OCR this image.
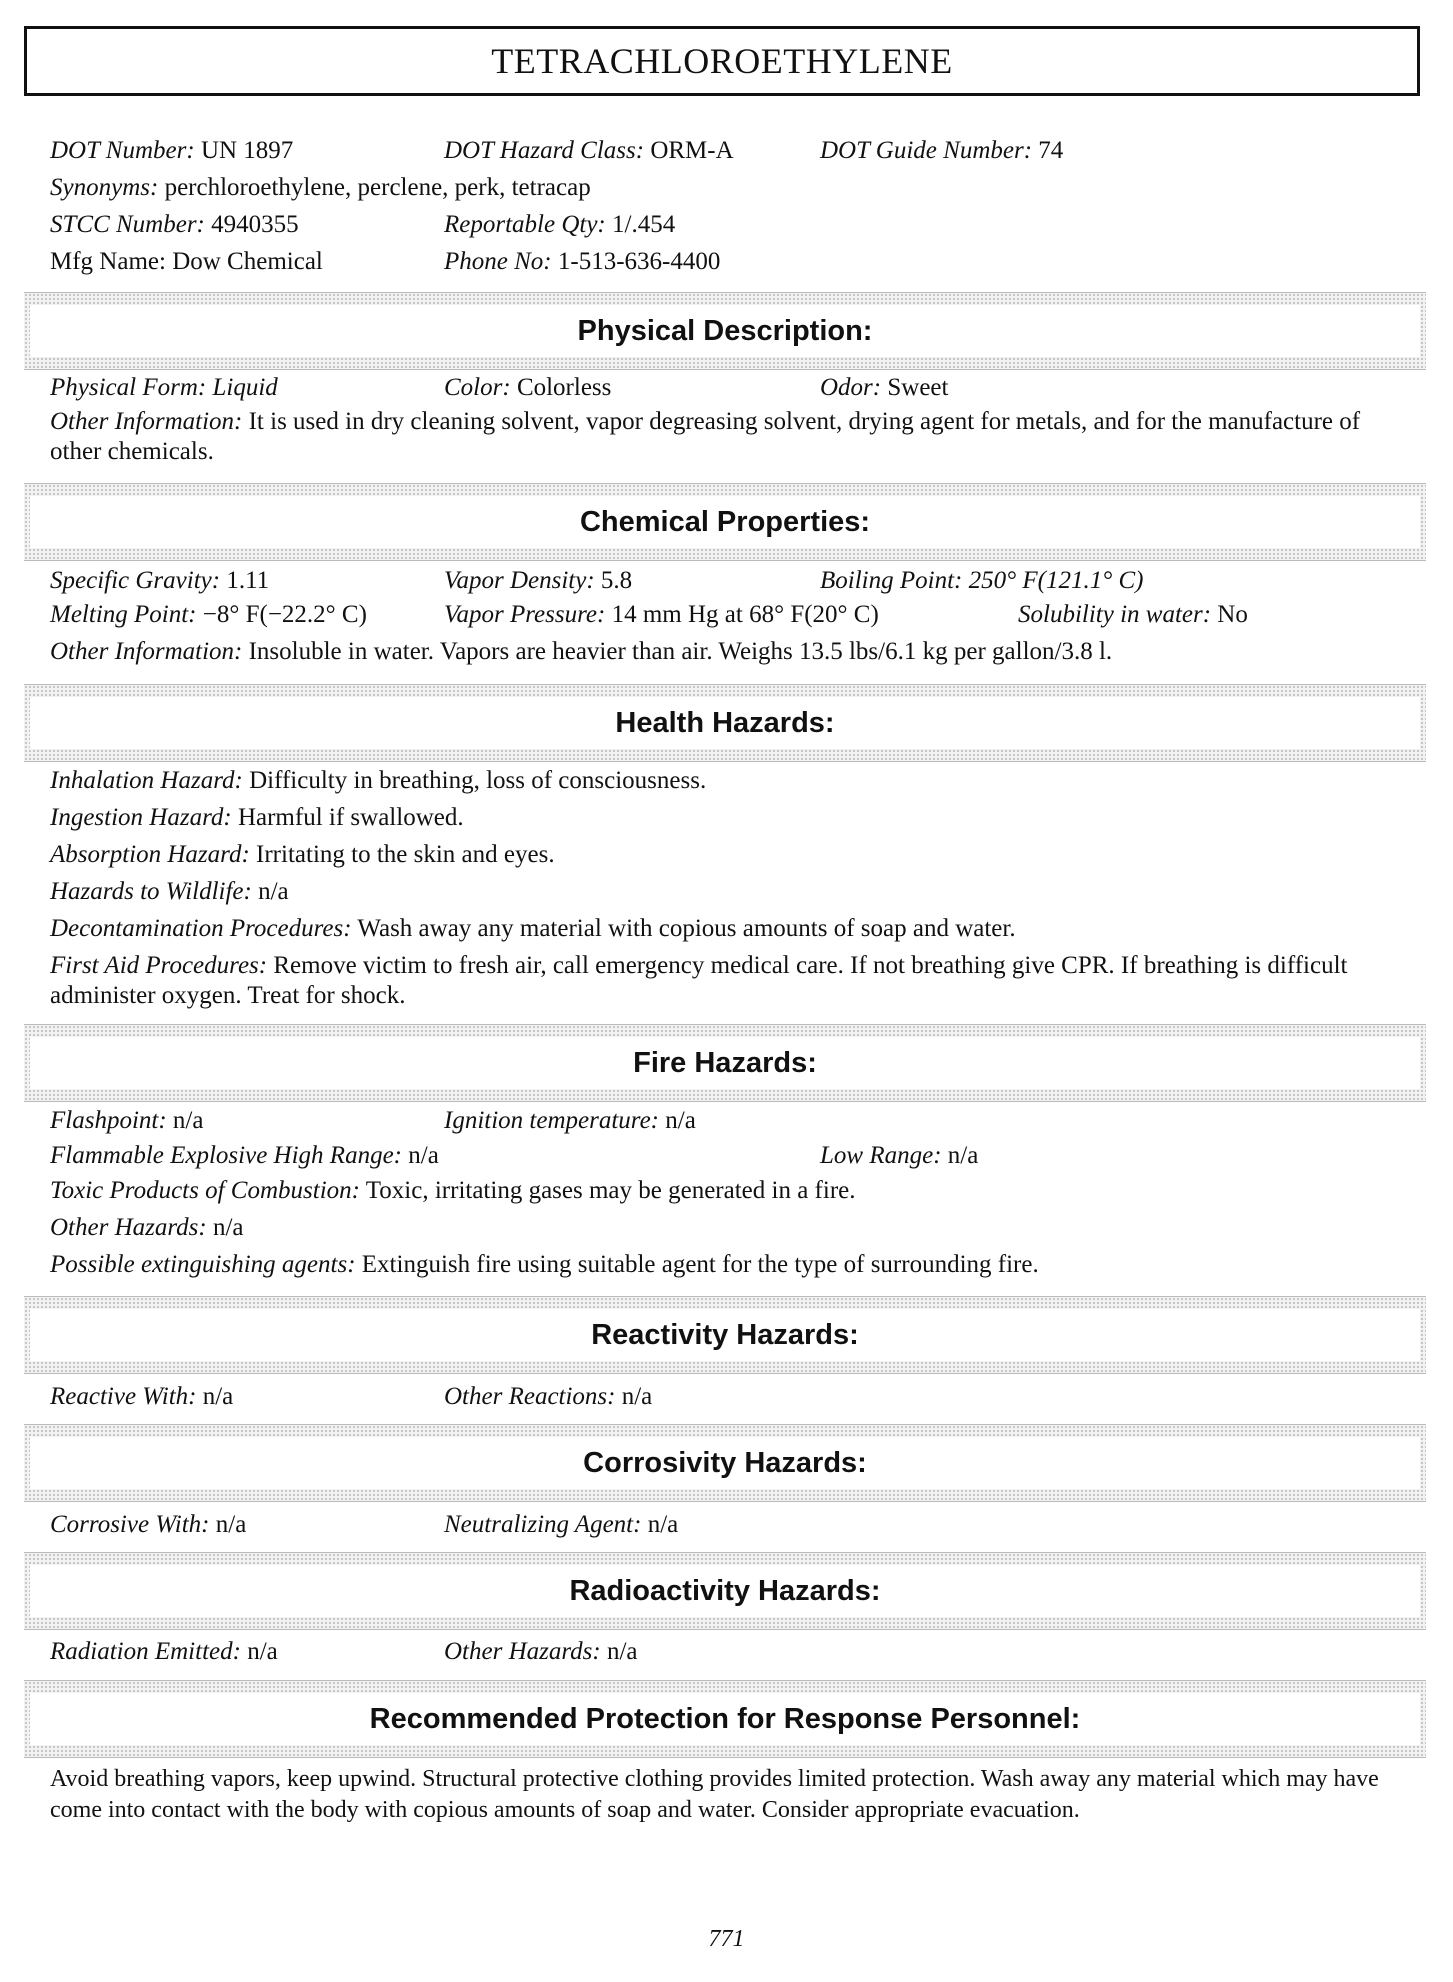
TETRACHLOROETHYLENE
DOT Number: UN 1897	DOT Hazard Class: ORM-A	DOT Guide Number: 74
Synonyms: perchloroethylene, perclene, perk, tetracap
STCC Number: 4940355	Reportable Qty: 1/.454
Mfg Name: Dow Chemical	Phone No: 1-513-636-4400
Physical Description:
Physical Form: Liquid	Color: Colorless	Odor: Sweet
Other Information: It is used in dry cleaning solvent, vapor degreasing solvent, drying agent for metals, and for the manufacture of other chemicals.
Chemical Properties:
Specific Gravity: 1.11	Vapor Density: 5.8	Boiling Point: 250° F(121.1° C)
Melting Point: −8° F(−22.2° C)	Vapor Pressure: 14 mm Hg at 68° F(20° C)	Solubility in water: No
Other Information: Insoluble in water. Vapors are heavier than air. Weighs 13.5 lbs/6.1 kg per gallon/3.8 l.
Health Hazards:
Inhalation Hazard: Difficulty in breathing, loss of consciousness.
Ingestion Hazard: Harmful if swallowed.
Absorption Hazard: Irritating to the skin and eyes.
Hazards to Wildlife: n/a
Decontamination Procedures: Wash away any material with copious amounts of soap and water.
First Aid Procedures: Remove victim to fresh air, call emergency medical care. If not breathing give CPR. If breathing is difficult administer oxygen. Treat for shock.
Fire Hazards:
Flashpoint: n/a	Ignition temperature: n/a
Flammable Explosive High Range: n/a	Low Range: n/a
Toxic Products of Combustion: Toxic, irritating gases may be generated in a fire.
Other Hazards: n/a
Possible extinguishing agents: Extinguish fire using suitable agent for the type of surrounding fire.
Reactivity Hazards:
Reactive With: n/a	Other Reactions: n/a
Corrosivity Hazards:
Corrosive With: n/a	Neutralizing Agent: n/a
Radioactivity Hazards:
Radiation Emitted: n/a	Other Hazards: n/a
Recommended Protection for Response Personnel:
Avoid breathing vapors, keep upwind. Structural protective clothing provides limited protection. Wash away any material which may have come into contact with the body with copious amounts of soap and water. Consider appropriate evacuation.
771
